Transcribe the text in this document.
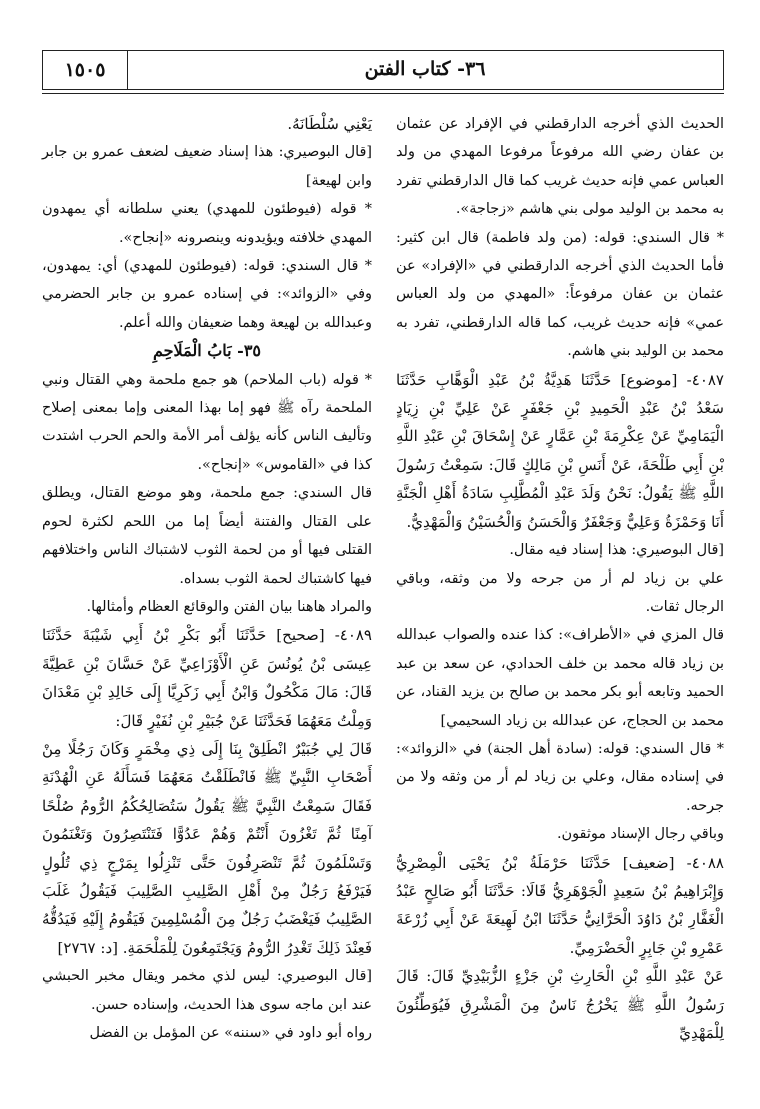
١٥٠٥	٣٦- كتاب الفتن

الحديث الذي أخرجه الدارقطني في الإفراد عن عثمان بن عفان رضي الله مرفوعاً مرفوعا المهدي من ولد العباس عمي فإنه حديث غريب كما قال الدارقطني تفرد به محمد بن الوليد مولى بني هاشم «زجاجة».

* قال السندي: قوله: (من ولد فاطمة) قال ابن كثير: فأما الحديث الذي أخرجه الدارقطني في «الإفراد» عن عثمان بن عفان مرفوعاً: «المهدي من ولد العباس عمي» فإنه حديث غريب، كما قاله الدارقطني، تفرد به محمد بن الوليد بني هاشم.

٤٠٨٧- [موضوع] حَدَّثَنَا هَدِيَّةُ بْنُ عَبْدِ الْوَهَّابِ حَدَّثَنَا سَعْدُ بْنُ عَبْدِ الْحَمِيدِ بْنِ جَعْفَرٍ عَنْ عَلِيِّ بْنِ زِيَادٍ الْيَمَامِيِّ عَنْ عِكْرِمَةَ بْنِ عَمَّارٍ عَنْ إِسْحَاقَ بْنِ عَبْدِ اللَّهِ بْنِ أَبِي طَلْحَةَ، عَنْ أَنَسِ بْنِ مَالِكٍ قَالَ: سَمِعْتُ رَسُولَ اللَّهِ ﷺ يَقُولُ: نَحْنُ وَلَدَ عَبْدِ الْمُطَّلِبِ سَادَةُ أَهْلِ الْجَنَّةِ أَنَا وَحَمْزَةُ وَعَلِيٌّ وَجَعْفَرٌ وَالْحَسَنُ وَالْحُسَيْنُ وَالْمَهْدِيُّ.

[قال البوصيري: هذا إسناد فيه مقال.

علي بن زياد لم أر من جرحه ولا من وثقه، وباقي الرجال ثقات.

قال المزي في «الأطراف»: كذا عنده والصواب عبدالله بن زياد قاله محمد بن خلف الحدادي، عن سعد بن عبد الحميد وتابعه أبو بكر محمد بن صالح بن يزيد القناد، عن محمد بن الحجاج، عن عبدالله بن زياد السحيمي]

* قال السندي: قوله: (سادة أهل الجنة) في «الزوائد»: في إسناده مقال، وعلي بن زياد لم أر من وثقه ولا من جرحه.

وباقي رجال الإسناد موثقون.

٤٠٨٨- [ضعيف] حَدَّثَنَا حَرْمَلَةُ بْنُ يَحْيَى الْمِصْرِيُّ وَإِبْرَاهِيمُ بْنُ سَعِيدٍ الْجَوْهَرِيُّ قَالَا: حَدَّثَنَا أَبُو صَالِحٍ عَبْدُ الْغَفَّارِ بْنُ دَاوُدَ الْحَرَّانِيُّ حَدَّثَنَا ابْنُ لَهِيعَةَ عَنْ أَبِي زُرْعَةَ عَمْرِو بْنِ جَابِرٍ الْحَضْرَمِيِّ.

عَنْ عَبْدِ اللَّهِ بْنِ الْحَارِثِ بْنِ جَزْءٍ الزُّبَيْدِيِّ قَالَ: قَالَ رَسُولُ اللَّهِ ﷺ يَخْرُجُ نَاسٌ مِنَ الْمَشْرِقِ فَيُوَطِّئُونَ لِلْمَهْدِيِّ

يَعْنِي سُلْطَانَهُ.

[قال البوصيري: هذا إسناد ضعيف لضعف عمرو بن جابر وابن لهيعة]

* قوله (فيوطئون للمهدي) يعني سلطانه أي يمهدون المهدي خلافته ويؤيدونه وينصرونه «إنجاح».

* قال السندي: قوله: (فيوطئون للمهدي) أي: يمهدون، وفي «الزوائد»: في إسناده عمرو بن جابر الحضرمي وعبدالله بن لهيعة وهما ضعيفان والله أعلم.

٣٥- بَابُ الْمَلَاحِمِ

* قوله (باب الملاحم) هو جمع ملحمة وهي القتال ونبي الملحمة رآه ﷺ فهو إما بهذا المعنى وإما بمعنى إصلاح وتأليف الناس كأنه يؤلف أمر الأمة والحم الحرب اشتدت كذا في «القاموس» «إنجاح».

قال السندي: جمع ملحمة، وهو موضع القتال، ويطلق على القتال والفتنة أيضاً إما من اللحم لكثرة لحوم القتلى فيها أو من لحمة الثوب لاشتباك الناس واختلافهم فيها كاشتباك لحمة الثوب بسداه.

والمراد هاهنا بيان الفتن والوقائع العظام وأمثالها.

٤٠٨٩- [صحيح] حَدَّثَنَا أَبُو بَكْرِ بْنُ أَبِي شَيْبَةَ حَدَّثَنَا عِيسَى بْنُ يُونُسَ عَنِ الْأَوْزَاعِيِّ عَنْ حَسَّانَ بْنِ عَطِيَّةَ قَالَ: مَالَ مَكْحُولٌ وَابْنُ أَبِي زَكَرِيَّا إِلَى خَالِدِ بْنِ مَعْدَانَ وَمِلْتُ مَعَهُمَا فَحَدَّثَنَا عَنْ جُبَيْرِ بْنِ نُفَيْرٍ قَالَ:

قَالَ لِي جُبَيْرٌ انْطَلِقْ بِنَا إِلَى ذِي مِخْمَرٍ وَكَانَ رَجُلًا مِنْ أَصْحَابِ النَّبِيِّ ﷺ فَانْطَلَقْتُ مَعَهُمَا فَسَأَلَهُ عَنِ الْهُدْنَةِ فَقَالَ سَمِعْتُ النَّبِيَّ ﷺ يَقُولُ سَتُصَالِحُكُمُ الرُّومُ صُلْحًا آمِنًا ثُمَّ تَغْزُونَ أَنْتُمْ وَهُمْ عَدُوًّا فَتَنْتَصِرُونَ وَتَغْنَمُونَ وَتَسْلَمُونَ ثُمَّ تَنْصَرِفُونَ حَتَّى تَنْزِلُوا بِمَرْجٍ ذِي تُلُولٍ فَيَرْفَعُ رَجُلٌ مِنْ أَهْلِ الصَّلِيبِ الصَّلِيبَ فَيَقُولُ غَلَبَ الصَّلِيبُ فَيَغْضَبُ رَجُلٌ مِنَ الْمُسْلِمِينَ فَيَقُومُ إِلَيْهِ فَيَدُقُّهُ فَعِنْدَ ذَلِكَ تَغْدِرُ الرُّومُ وَيَجْتَمِعُونَ لِلْمَلْحَمَةِ. [د: ٢٧٦٧]

[قال البوصيري: ليس لذي مخمر ويقال مخبر الحبشي عند ابن ماجه سوى هذا الحديث، وإسناده حسن.

رواه أبو داود في «سننه» عن المؤمل بن الفضل
